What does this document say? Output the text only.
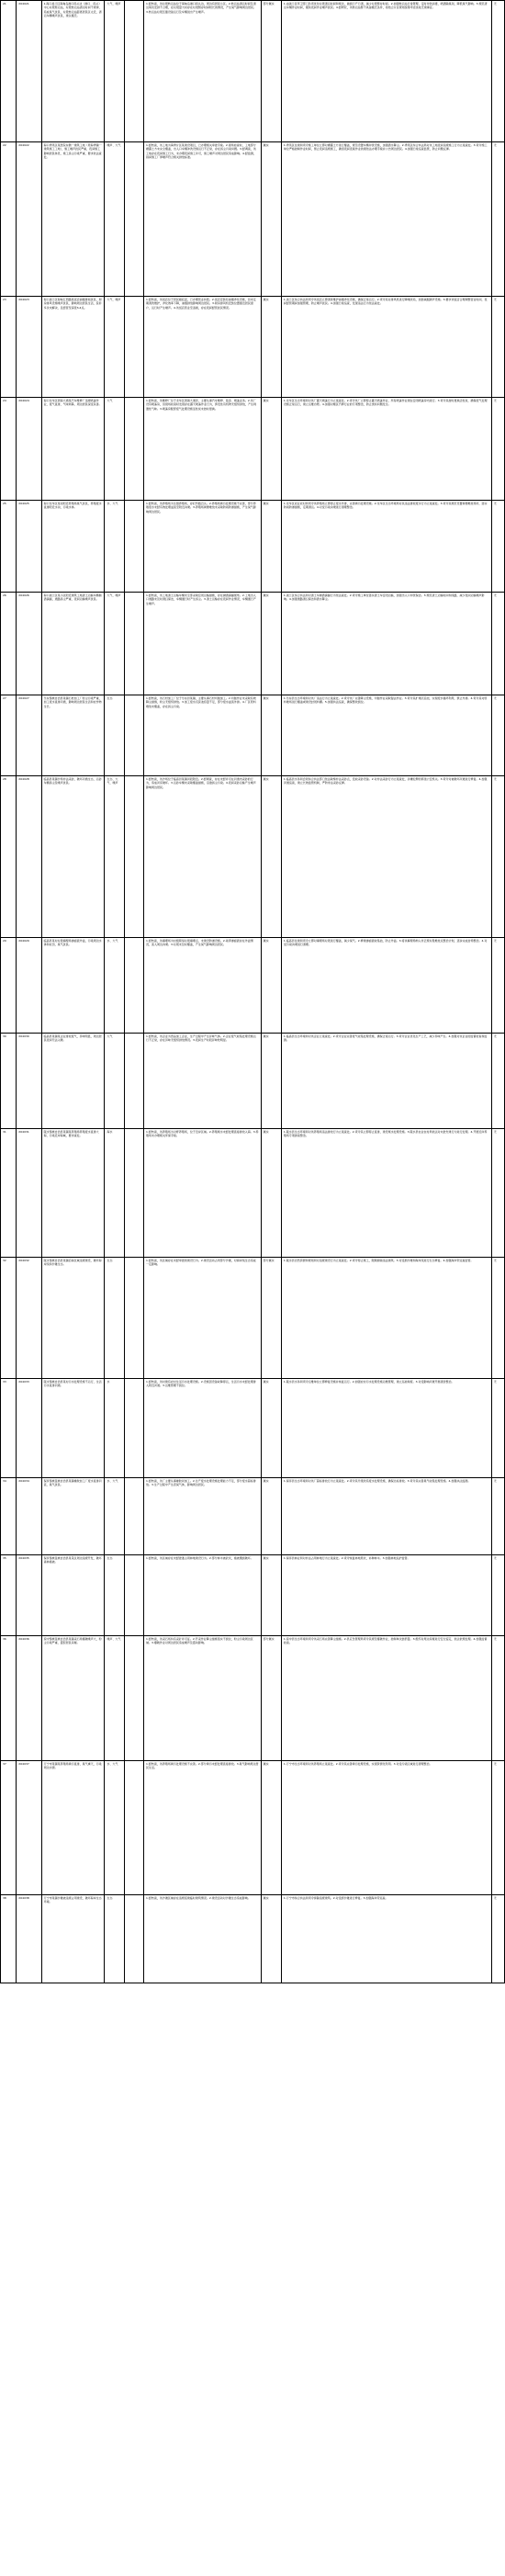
21	X04021	1.海口美兰区海甸岛港口码头边（港口、码头）中心垃圾转运站，垃圾转运站清运时间不规律，造成臭气扰民，垃圾转运站距离居民区太近，清运车辆噪声扰民，建议搬迁。	大气、噪声		1.经核查，该垃圾转运站位于海甸岛港口码头边，周边有居民小区。2.转运站清运时间及清运频次安排不合理，在垃圾量大时存在垃圾暂存时间较长的情况，产生臭气影响周边居民。3.转运站垃圾压缩设备运行及车辆进出产生噪声。	部分属实	1.由美兰区环卫部门负责优化垃圾清运时间和频次，做到日产日清，减少垃圾暂存时间。2.加强转运站日常管理，定时冲洗消毒，喷洒除臭剂，降低臭气影响。3.规范清运车辆作业时间，避免夜间作业噪声扰民。4.经研究，该转运站暂不具备搬迁条件，将结合片区规划统筹考虑选址迁建事宜。	无

22	X04022	海口秀英区某医院东侧一建筑工地（原海秀镇一建筑施工工地），施工噪声扰民严重，夜间施工影响居民休息，施工扬尘污染严重，要求依法查处。	噪声、大气		1.经核查，该工地为海秀片区某建设项目，已办理相关审批手续。2.现场检查时，工地部分裸露土方未完全覆盖，出入口车辆冲洗设施运行不正常，存在扬尘污染问题。3.经调查，该工地存在夜间施工行为，未办理夜间施工许可，施工噪声对周边居民造成影响。4.经监测，昼间施工厂界噪声符合相关排放标准。	属实	1.秀英区住建局责令施工单位立即对裸露土方进行覆盖，规范设置车辆冲洗设施，加强洒水降尘。2.秀英区综合执法局对该工地夜间违规施工行为立案查处。3.责令施工单位严格控制作业时间，禁止夜间违规施工，确需夜间连续作业的须依法办理手续并公告周边居民。4.加强日常巡查监管，防止问题反弹。	无

23	X04023	海口美兰区海甸五西路某饭店油烟排放扰民，厨房排风设施噪声扰民，影响周边居民生活，投诉多次未解决，且经营至深夜3-4点。	大气、噪声		1.经核查，该饭店位于居民楼底层，已办理营业执照。2.饭店安装有油烟净化设施，但未定期清洗维护，净化效率下降，油烟排放影响周边居民。3.厨房排风机安装位置靠近居民窗户，运行时产生噪声。4.该饭店营业至凌晨，存在夜间经营扰民情况。	属实	1.美兰区综合执法局责令该饭店立即清洗维护油烟净化设施，确保正常运行。2.责令其对排风机进行降噪改造，加装减振隔声设施。3.要求该饭店合理调整营业时间，夜间经营期间加强管理，防止噪声扰民。4.加强日常巡查，发现违法行为依法查处。	无

24	X04024	海口龙华区滨海大道某汽车维修厂违规喷漆作业，废气直排，气味刺鼻，周边居民深受其害。	大气		1.经核查，该维修厂位于龙华区滨海大道旁，主要从事汽车维修、钣金、喷漆业务。2.该厂设有喷漆房，但现场检查时发现存在露天喷漆作业行为，挥发性有机物无组织排放，产生刺激性气味。3.喷漆房配套废气处理设施活性炭未按时更换。	属实	1.龙华区生态环境局对该厂露天喷漆行为立案查处。2.责令该厂立即停止露天喷漆作业，所有喷漆作业须在密闭喷漆房内进行。3.责令其按时更换活性炭，确保废气处理设施正常运行，建立运维台账。4.加强对辖区汽修行业的专项整治，防止类似问题发生。	无

25	X04025	海口龙华区某村附近养殖场臭气扰民，养殖废水直排附近水沟，污染水体。	水、大气		1.经核查，该养殖场为生猪养殖场，存栏约数百头。2.养殖场粪污处理设施不完善，部分养殖废水未经有效处理溢流至附近沟渠。3.养殖场粪便堆放未采取防雨防渗措施，产生臭气影响周边居民。	属实	1.龙华区农业农村局责令该养殖场立即停止废水外排，完善粪污处理设施。2.龙华区生态环境局对其违法排放废水行为立案查处。3.责令其规范设置粪便堆放场所，落实防雨防渗措施，定期清运。4.对受污染沟渠进行清理整治。	无

26	X04026	海口美兰区某小区附近建筑工地渣土运输车辆抛洒滴漏，道路扬尘严重，夜间运输噪声扰民。	大气、噪声		1.经核查，该工地渣土运输车辆未全部采取密闭运输措施，存在抛洒滴漏现象。2.工地出入口道路未及时清扫保洁，车辆通行时产生扬尘。3.渣土运输存在夜间作业情况，车辆通行产生噪声。	属实	1.美兰区综合执法局对渣土车抛洒滴漏行为依法查处。2.责令施工单位落实渣土车密闭运输，加强出入口冲洗保洁。3.规范渣土运输时间和线路，减少夜间运输噪声影响。4.加强道路清扫保洁和洒水降尘。	无

27	X04027	乐东黎族自治县某镇石材加工厂粉尘污染严重，加工废水直排河道，影响周边居民生活和农作物生长。	生态		1.经核查，该石材加工厂位于乐东县某镇，主要从事石材切割加工。2.切割作业未采取有效降尘措施，粉尘无组织排放。3.加工废水沉淀池容量不足，部分废水溢流外排。4.厂区原料堆放未覆盖，存在扬尘污染。	属实	1.乐东县生态环境局对该厂违法行为立案查处。2.责令该厂完善降尘设施，切割作业采取湿法作业。3.责令其扩建沉淀池，实现废水循环利用，禁止外排。4.责令其对原料堆场进行覆盖或建设封闭料棚。5.加强执法巡查，确保整改到位。	无

28	X04028	临高县某镇沙场非法采砂，破坏河道生态，运砂车辆扬尘及噪声扰民。	生态、大气、噪声		1.经核查，该沙场位于临高县某镇河段附近。2.经调查，存在未经许可在河道内采砂的行为，造成河床破坏。3.运砂车辆未采取覆盖措施，沿途扬尘污染。4.夜间采砂运输产生噪声影响周边居民。	属实	1.临高县水务局会同综合执法部门依法取缔非法采砂点，没收采砂设备。2.对非法采砂行为立案查处，涉嫌犯罪的移送公安机关。3.责令对被破坏河道进行修复。4.加强河道巡查，建立长效监管机制，严防非法采砂反弹。	无

29	X04029	临高县某村垃圾填埋场渗滤液外溢，污染周边水体和农田，臭气扰民。	水、大气		1.经核查，该填埋场为村级简易垃圾填埋点，未建设防渗设施。2.雨季渗滤液存在外溢情况，流入周边沟渠。3.垃圾未及时覆盖，产生臭气影响周边居民。	属实	1.临高县住建局责令立即对填埋场垃圾进行覆盖，减少臭气。2.修建渗滤液收集池，防止外溢。3.将该填埋场纳入非正规垃圾堆放点整治计划，逐步完成封场整治。4.对受污染沟渠进行清理。	无

30	X04030	临高县某镇某企业排放废气，异味明显，周边居民夜间无法入睡。	大气		1.经核查，该企业为食品加工企业，生产过程中产生异味气体。2.企业废气收集处理设施运行不正常，存在异味无组织排放情况。3.夜间生产时段异味较明显。	属实	1.临高县生态环境局对该企业立案查处。2.责令企业完善废气收集处理设施，确保正常运行。3.责令企业优化生产工艺，减少异味产生。4.加强对该企业的监督检查和监测。	无

31	X04031	陵水黎族自治县某镇某养殖场养殖废水直排大海，污染近岸海域，要求查处。	海水		1.经核查，该养殖场为对虾养殖场，位于近岸区域。2.养殖尾水未经处理直接排放入海。3.养殖场未办理相关环保手续。	属实	1.陵水县生态环境局对该养殖场违法排放行为立案查处。2.责令其立即停止直排，建设尾水处理设施。3.陵水县农业农村局依法对未批先建行为进行处理。4.开展近岸养殖场专项排查整治。	无

32	X04032	陵水黎族自治县某镇沿海区域违规建设，破坏海岸线和沙滩生态。	生态		1.经核查，该区域存在未经审批的建设行为。2.建设活动占用部分沙滩，对海岸线生态造成一定影响。	部分属实	1.陵水县自然资源和规划局对违规建设行为立案查处。2.责令停止施工，限期拆除违法建筑。3.对受损沙滩和海岸线进行生态修复。4.加强海岸带巡查监管。	无

33	X04033	陵水黎族自治县某村污水处理设施不运行，生活污水直排河道。	水		1.经核查，该村建有农村生活污水处理设施。2.设施因设备故障停运，生活污水未经处理排入附近河道。3.运维管理不到位。	属实	1.陵水县水务局责令运维单位立即修复设施并恢复运行。2.加强农村污水处理设施运维管理，建立巡检制度。3.对受影响河道开展清淤整治。	无

34	X04034	保亭黎族苗族自治县某镇橡胶加工厂废水直排河流，臭气扰民。	水、大气		1.经核查，该厂主要从事橡胶初加工。2.生产废水处理设施处理能力不足，部分废水超标排放。3.生产过程中产生恶臭气体，影响周边居民。	属实	1.保亭县生态环境局对该厂超标排放行为立案查处。2.责令其升级改造废水处理设施，确保达标排放。3.责令其完善臭气收集处理设施。4.加强执法监测。	无

35	X04035	保亭黎族苗族自治县某景区周边违规开发，破坏森林植被。	生态		1.经核查，该区域存在未经批准占用林地建设行为。2.部分林木被砍伐，植被遭到破坏。	属实	1.保亭县林业局对非法占用林地行为立案查处。2.责令恢复林地原状，补种林木。3.加强林地巡护监管。	无

36	X04036	琼中黎族苗族自治县某镇采石场爆破噪声大，粉尘污染严重，震裂居民房屋。	噪声、大气		1.经核查，该采石场持有采矿许可证。2.开采作业降尘措施落实不到位，粉尘污染周边区域。3.爆破作业对周边居民造成噪声及震动影响。	部分属实	1.琼中县生态环境局责令该采石场完善降尘措施。2.县应急管理局责令其规范爆破作业，控制单次装药量。3.组织对周边房屋进行安全鉴定，依法依规处理。4.加强监督检查。	无

37	X04037	万宁市某镇某养殖场粪污直排，臭气熏天，污染周边水源。	水、大气		1.经核查，该养殖场粪污处理设施不完善。2.部分粪污未经处理直接排放。3.臭气影响周边居民生活。	属实	1.万宁市生态环境局对该养殖场立案查处。2.责令其完善粪污处理设施，实现资源化利用。3.对受污染区域进行清理整治。	无

38	X04038	万宁市某镇沙滩被违规占用建设，破坏海岸生态环境。	生态		1.经核查，该沙滩区域存在违规搭建临时建筑情况。2.建设活动对沙滩生态造成影响。	属实	1.万宁市综合执法局责令拆除违规建筑。2.对受损沙滩进行修复。3.加强海岸带巡查。	无
